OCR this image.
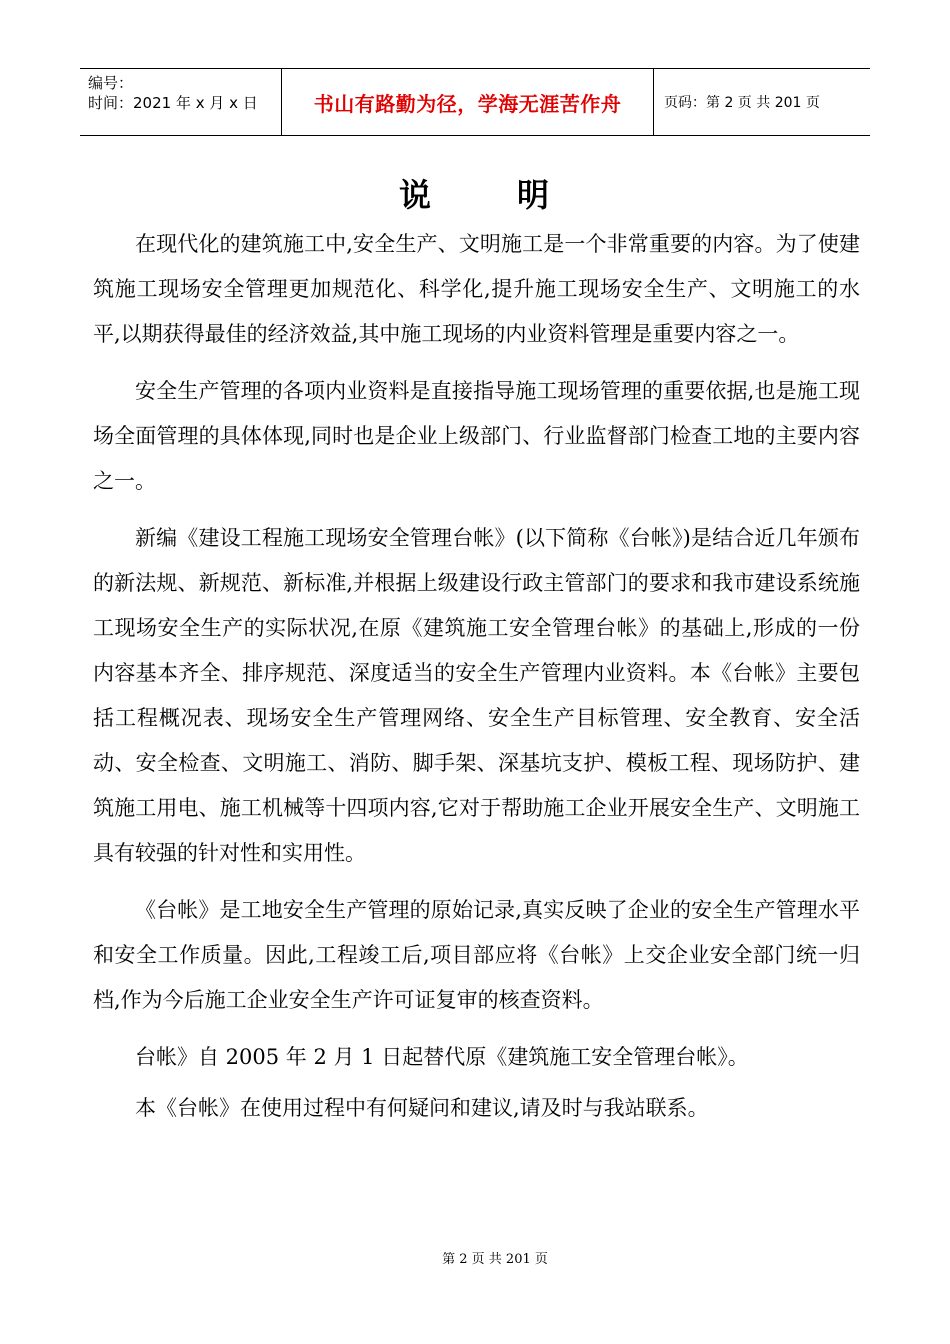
编号：
时间：2021 年 x 月 x 日	书山有路勤为径，学海无涯苦作舟	页码：第 2 页 共 201 页
说	明

在现代化的建筑施工中,安全生产、文明施工是一个非常重要的内容。为了使建筑施工现场安全管理更加规范化、科学化,提升施工现场安全生产、文明施工的水平,以期获得最佳的经济效益,其中施工现场的内业资料管理是重要内容之一。

安全生产管理的各项内业资料是直接指导施工现场管理的重要依据,也是施工现场全面管理的具体体现,同时也是企业上级部门、行业监督部门检查工地的主要内容之一。

新编《建设工程施工现场安全管理台帐》(以下简称《台帐》)是结合近几年颁布的新法规、新规范、新标准,并根据上级建设行政主管部门的要求和我市建设系统施工现场安全生产的实际状况,在原《建筑施工安全管理台帐》的基础上,形成的一份内容基本齐全、排序规范、深度适当的安全生产管理内业资料。本《台帐》主要包括工程概况表、现场安全生产管理网络、安全生产目标管理、安全教育、安全活动、安全检查、文明施工、消防、脚手架、深基坑支护、模板工程、现场防护、建筑施工用电、施工机械等十四项内容,它对于帮助施工企业开展安全生产、文明施工具有较强的针对性和实用性。

《台帐》是工地安全生产管理的原始记录,真实反映了企业的安全生产管理水平和安全工作质量。因此,工程竣工后,项目部应将《台帐》上交企业安全部门统一归档,作为今后施工企业安全生产许可证复审的核查资料。

台帐》自 2005 年 2 月 1 日起替代原《建筑施工安全管理台帐》。

本《台帐》在使用过程中有何疑问和建议,请及时与我站联系。

第 2 页 共 201 页
